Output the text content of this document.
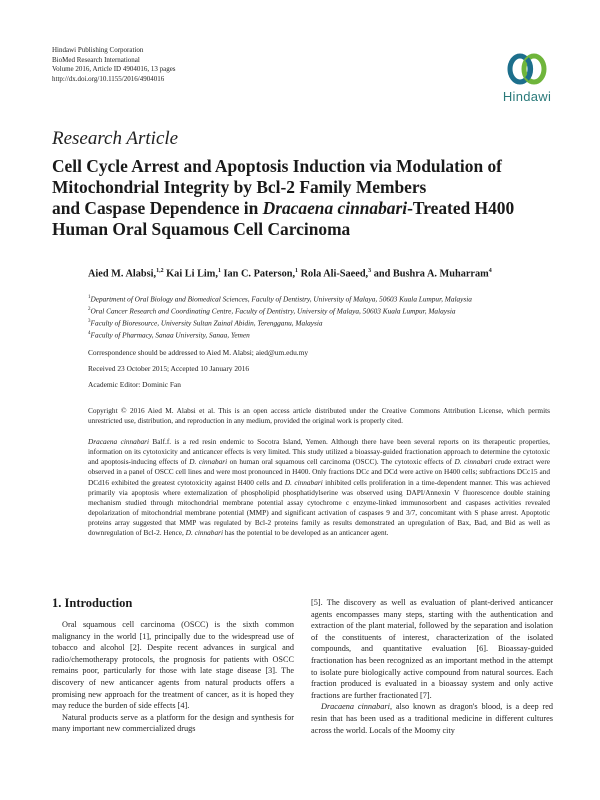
Hindawi Publishing Corporation
BioMed Research International
Volume 2016, Article ID 4904016, 13 pages
http://dx.doi.org/10.1155/2016/4904016
Hindawi
Research Article
Cell Cycle Arrest and Apoptosis Induction via Modulation of
Mitochondrial Integrity by Bcl-2 Family Members
and Caspase Dependence in Dracaena cinnabari-Treated H400
Human Oral Squamous Cell Carcinoma
Aied M. Alabsi,$^{1,2}$ Kai Li Lim,$^1$ Ian C. Paterson,$^1$ Rola Ali-Saeed,$^3$ and Bushra A. Muharram$^4$
$^1$Department of Oral Biology and Biomedical Sciences, Faculty of Dentistry, University of Malaya, 50603 Kuala Lumpur, Malaysia
$^2$Oral Cancer Research and Coordinating Centre, Faculty of Dentistry, University of Malaya, 50603 Kuala Lumpur, Malaysia
$^3$Faculty of Bioresource, University Sultan Zainal Abidin, Terengganu, Malaysia
$^4$Faculty of Pharmacy, Sanaa University, Sanaa, Yemen
Correspondence should be addressed to Aied M. Alabsi; aied@um.edu.my
Received 23 October 2015; Accepted 10 January 2016
Academic Editor: Dominic Fan
Copyright © 2016 Aied M. Alabsi et al. This is an open access article distributed under the Creative Commons Attribution License, which permits unrestricted use, distribution, and reproduction in any medium, provided the original work is properly cited.
Dracaena cinnabari Balf.f. is a red resin endemic to Socotra Island, Yemen. Although there have been several reports on its therapeutic properties, information on its cytotoxicity and anticancer effects is very limited. This study utilized a bioassay-guided fractionation approach to determine the cytotoxic and apoptosis-inducing effects of D. cinnabari on human oral squamous cell carcinoma (OSCC). The cytotoxic effects of D. cinnabari crude extract were observed in a panel of OSCC cell lines and were most pronounced in H400. Only fractions DCc and DCd were active on H400 cells; subfractions DCc15 and DCd16 exhibited the greatest cytotoxicity against H400 cells and D. cinnabari inhibited cells proliferation in a time-dependent manner. This was achieved primarily via apoptosis where externalization of phospholipid phosphatidylserine was observed using DAPI/Annexin V fluorescence double staining mechanism studied through mitochondrial membrane potential assay cytochrome c enzyme-linked immunosorbent and caspases activities revealed depolarization of mitochondrial membrane potential (MMP) and significant activation of caspases 9 and 3/7, concomitant with S phase arrest. Apoptotic proteins array suggested that MMP was regulated by Bcl-2 proteins family as results demonstrated an upregulation of Bax, Bad, and Bid as well as downregulation of Bcl-2. Hence, D. cinnabari has the potential to be developed as an anticancer agent.
1. Introduction

Oral squamous cell carcinoma (OSCC) is the sixth common malignancy in the world [1], principally due to the widespread use of tobacco and alcohol [2]. Despite recent advances in surgical and radio/chemotherapy protocols, the prognosis for patients with OSCC remains poor, particularly for those with late stage disease [3]. The discovery of new anticancer agents from natural products offers a promising new approach for the treatment of cancer, as it is hoped they may reduce the burden of side effects [4].

Natural products serve as a platform for the design and synthesis for many important new commercialized drugs

[5]. The discovery as well as evaluation of plant-derived anticancer agents encompasses many steps, starting with the authentication and extraction of the plant material, followed by the separation and isolation of the constituents of interest, characterization of the isolated compounds, and quantitative evaluation [6]. Bioassay-guided fractionation has been recognized as an important method in the attempt to isolate pure biologically active compound from natural sources. Each fraction produced is evaluated in a bioassay system and only active fractions are further fractionated [7].

Dracaena cinnabari, also known as dragon's blood, is a deep red resin that has been used as a traditional medicine in different cultures across the world. Locals of the Moomy city
